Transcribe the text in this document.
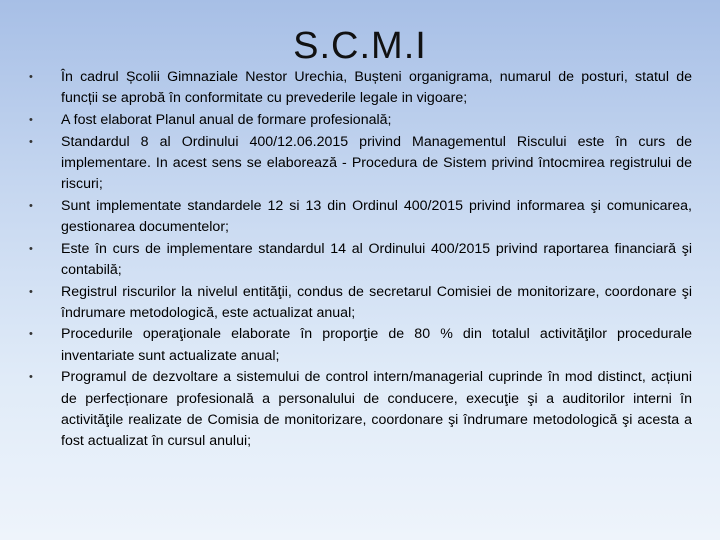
S.C.M.I
• În cadrul Școlii Gimnaziale Nestor Urechia, Bușteni organigrama, numarul de posturi, statul de funcții se aprobă în conformitate cu prevederile legale in vigoare;
• A fost elaborat Planul anual de formare profesională;
• Standardul 8 al Ordinului 400/12.06.2015 privind Managementul Riscului este în curs de implementare. In acest sens se elaborează - Procedura de Sistem privind întocmirea registrului de riscuri;
• Sunt implementate standardele 12 si 13 din Ordinul 400/2015 privind informarea şi comunicarea, gestionarea documentelor;
• Este în curs de implementare standardul 14 al Ordinului 400/2015 privind raportarea financiară şi contabilă;
• Registrul riscurilor la nivelul entităţii, condus de secretarul Comisiei de monitorizare, coordonare şi îndrumare metodologică, este actualizat anual;
• Procedurile operaţionale elaborate în proporţie de 80 % din totalul activităţilor procedurale inventariate sunt actualizate anual;
• Programul de dezvoltare a sistemului de control intern/managerial cuprinde în mod distinct, acțiuni de perfecționare profesională a personalului de conducere, execuţie şi a auditorilor interni în activităţile realizate de Comisia de monitorizare, coordonare şi îndrumare metodologică şi acesta a fost actualizat în cursul anului;
